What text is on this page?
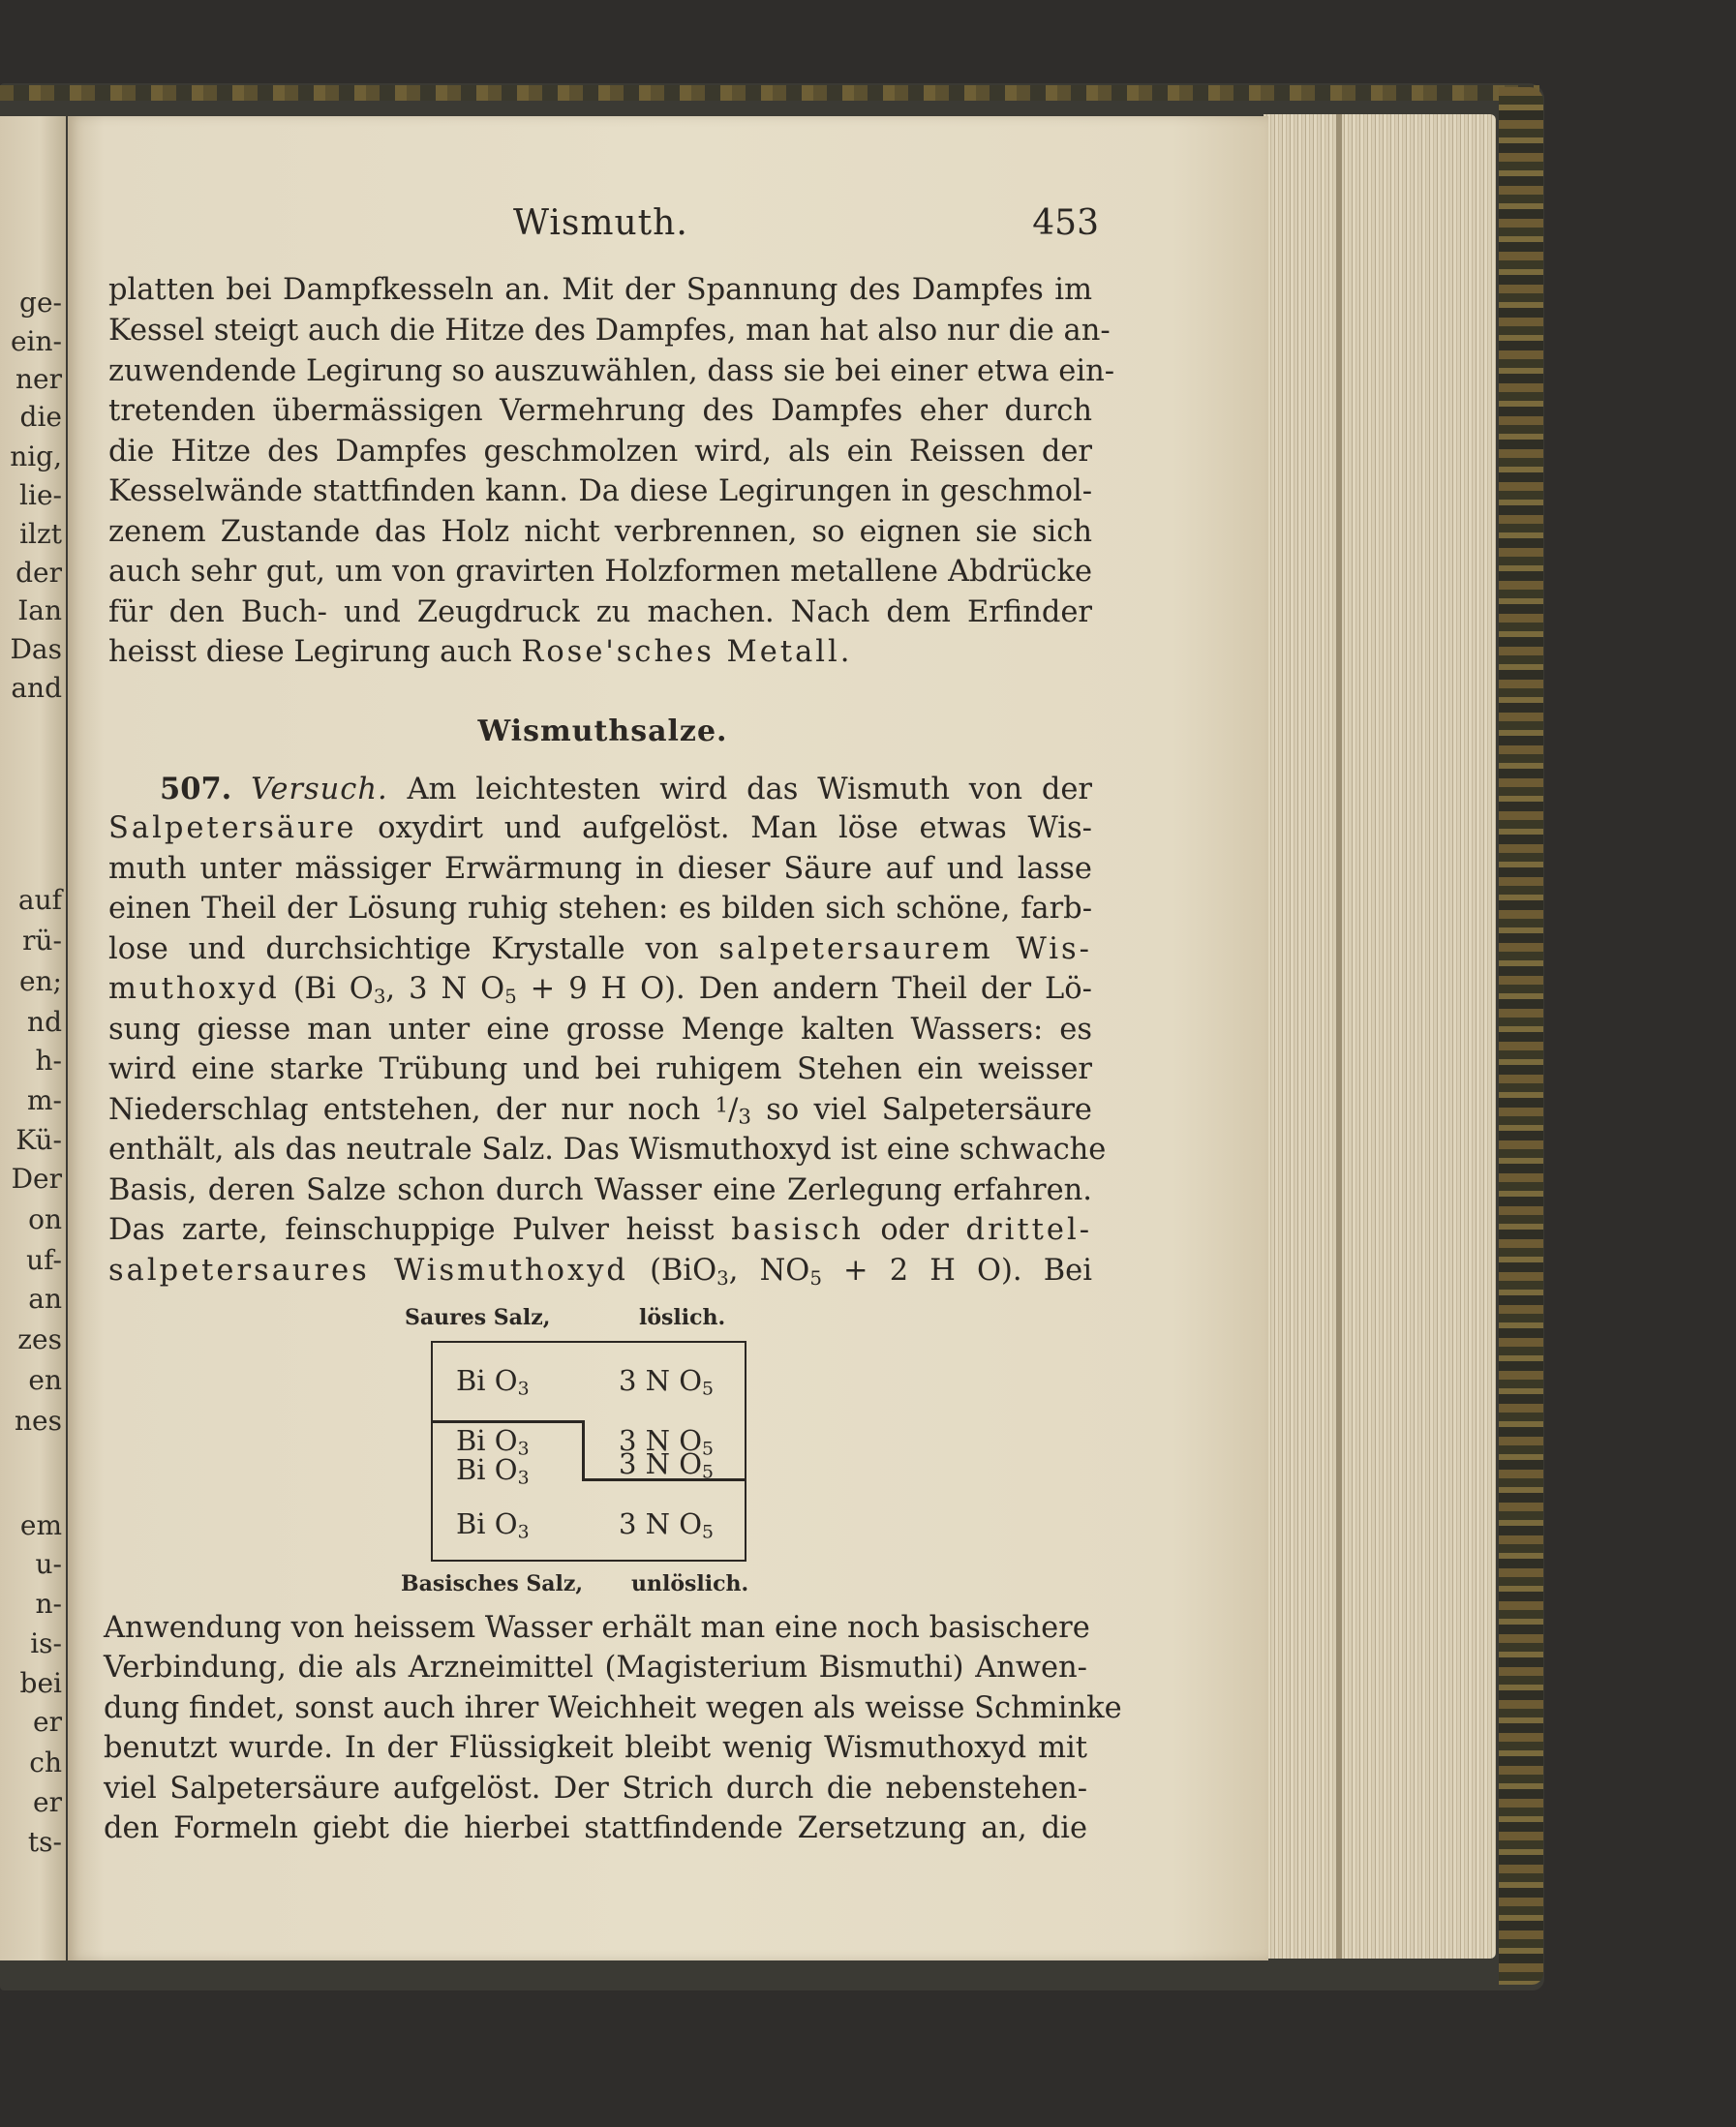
ge-
ein-
ner
die
nig,
lie-
ilzt
der
Ian
Das
and
auf
rü-
en;
nd
h-
m-
Kü-
Der
on
uf-
an
zes
en
nes
em
u-
n-
is-
bei
er
ch
er
ts-
Wismuth.	453
platten bei Dampfkesseln an. Mit der Spannung des Dampfes im
Kessel steigt auch die Hitze des Dampfes, man hat also nur die an-
zuwendende Legirung so auszuwählen, dass sie bei einer etwa ein-
tretenden übermässigen Vermehrung des Dampfes eher durch
die Hitze des Dampfes geschmolzen wird, als ein Reissen der
Kesselwände stattfinden kann. Da diese Legirungen in geschmol-
zenem Zustande das Holz nicht verbrennen, so eignen sie sich
auch sehr gut, um von gravirten Holzformen metallene Abdrücke
für den Buch- und Zeugdruck zu machen. Nach dem Erfinder
heisst diese Legirung auch Rose'sches Metall.
Wismuthsalze.
507. Versuch. Am leichtesten wird das Wismuth von der
Salpetersäure oxydirt und aufgelöst. Man löse etwas Wis-
muth unter mässiger Erwärmung in dieser Säure auf und lasse
einen Theil der Lösung ruhig stehen: es bilden sich schöne, farb-
lose und durchsichtige Krystalle von salpetersaurem Wis-
muthoxyd (Bi $O_3$, 3 N $O_5 + 9$ H O). Den andern Theil der Lö-
sung giesse man unter eine grosse Menge kalten Wassers: es
wird eine starke Trübung und bei ruhigem Stehen ein weisser
Niederschlag entstehen, der nur noch $^1$/3 so viel Salpetersäure
enthält, als das neutrale Salz. Das Wismuthoxyd ist eine schwache
Basis, deren Salze schon durch Wasser eine Zerlegung erfahren.
Das zarte, feinschuppige Pulver heisst basisch oder drittel-
salpetersaures Wismuthoxyd (BiO$_3$, $NO_5 + 2$ H O). Bei
Saures Salz,	löslich.
Bi $O_3$	3 N $O_5$
Bi $O_3$	3 N $O_5$
Bi $O_3$	3 N $O_5$
Bi $O_3$	3 N $O_5$
Basisches Salz, unlöslich.
Anwendung von heissem Wasser erhält man eine noch basischere
Verbindung, die als Arzneimittel (Magisterium Bismuthi) Anwen-
dung findet, sonst auch ihrer Weichheit wegen als weisse Schminke
benutzt wurde. In der Flüssigkeit bleibt wenig Wismuthoxyd mit
viel Salpetersäure aufgelöst. Der Strich durch die nebenstehen-
den Formeln giebt die hierbei stattfindende Zersetzung an, die
